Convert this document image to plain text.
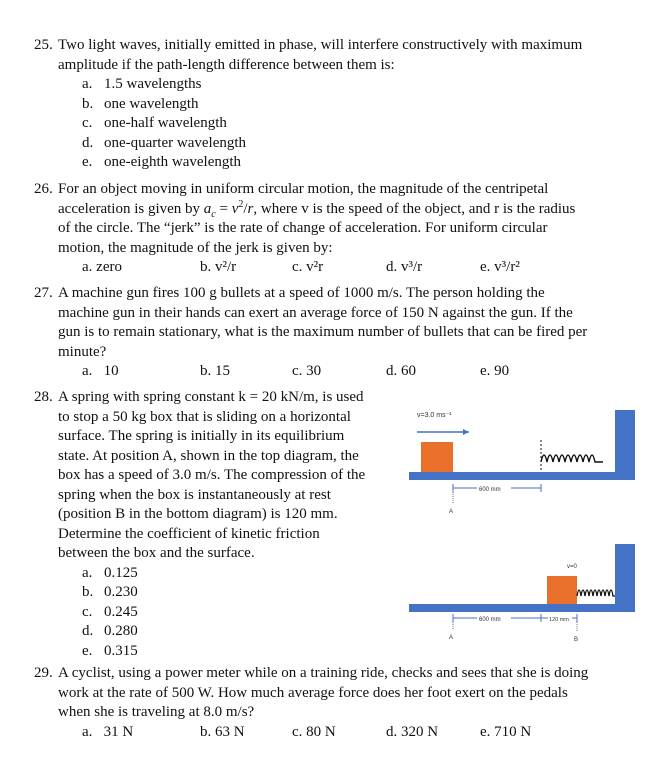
25. Two light waves, initially emitted in phase, will interfere constructively with maximum
amplitude if the path-length difference between them is:
a. 1.5 wavelengths
b. one wavelength
c. one-half wavelength
d. one-quarter wavelength
e. one-eighth wavelength
26. For an object moving in uniform circular motion, the magnitude of the centripetal
acceleration is given by $a_c = v^2/r$, where v is the speed of the object, and r is the radius
of the circle. The “jerk” is the rate of change of acceleration. For uniform circular
motion, the magnitude of the jerk is given by:
a. zero	b. v²/r	c. v²r	d. v³/r	e. v³/r²
27. A machine gun fires 100 g bullets at a speed of 1000 m/s. The person holding the
machine gun in their hands can exert an average force of 150 N against the gun. If the
gun is to remain stationary, what is the maximum number of bullets that can be fired per
minute?
a.   10	b. 15	c. 30	d. 60	e. 90
28. A spring with spring constant k = 20 kN/m, is used
to stop a 50 kg box that is sliding on a horizontal
surface. The spring is initially in its equilibrium
state. At position A, shown in the top diagram, the
box has a speed of 3.0 m/s. The compression of the
spring when the box is instantaneously at rest
(position B in the bottom diagram) is 120 mm.
Determine the coefficient of kinetic friction
between the box and the surface.
a. 0.125
b. 0.230
c. 0.245
d. 0.280
e. 0.315
v=3.0 ms⁻¹
600 mm
A
v=0
600 mm	120 mm
A	B
29. A cyclist, using a power meter while on a training ride, checks and sees that she is doing
work at the rate of 500 W. How much average force does her foot exert on the pedals
when she is traveling at 8.0 m/s?
a.   31 N	b. 63 N	c. 80 N	d. 320 N	e. 710 N
